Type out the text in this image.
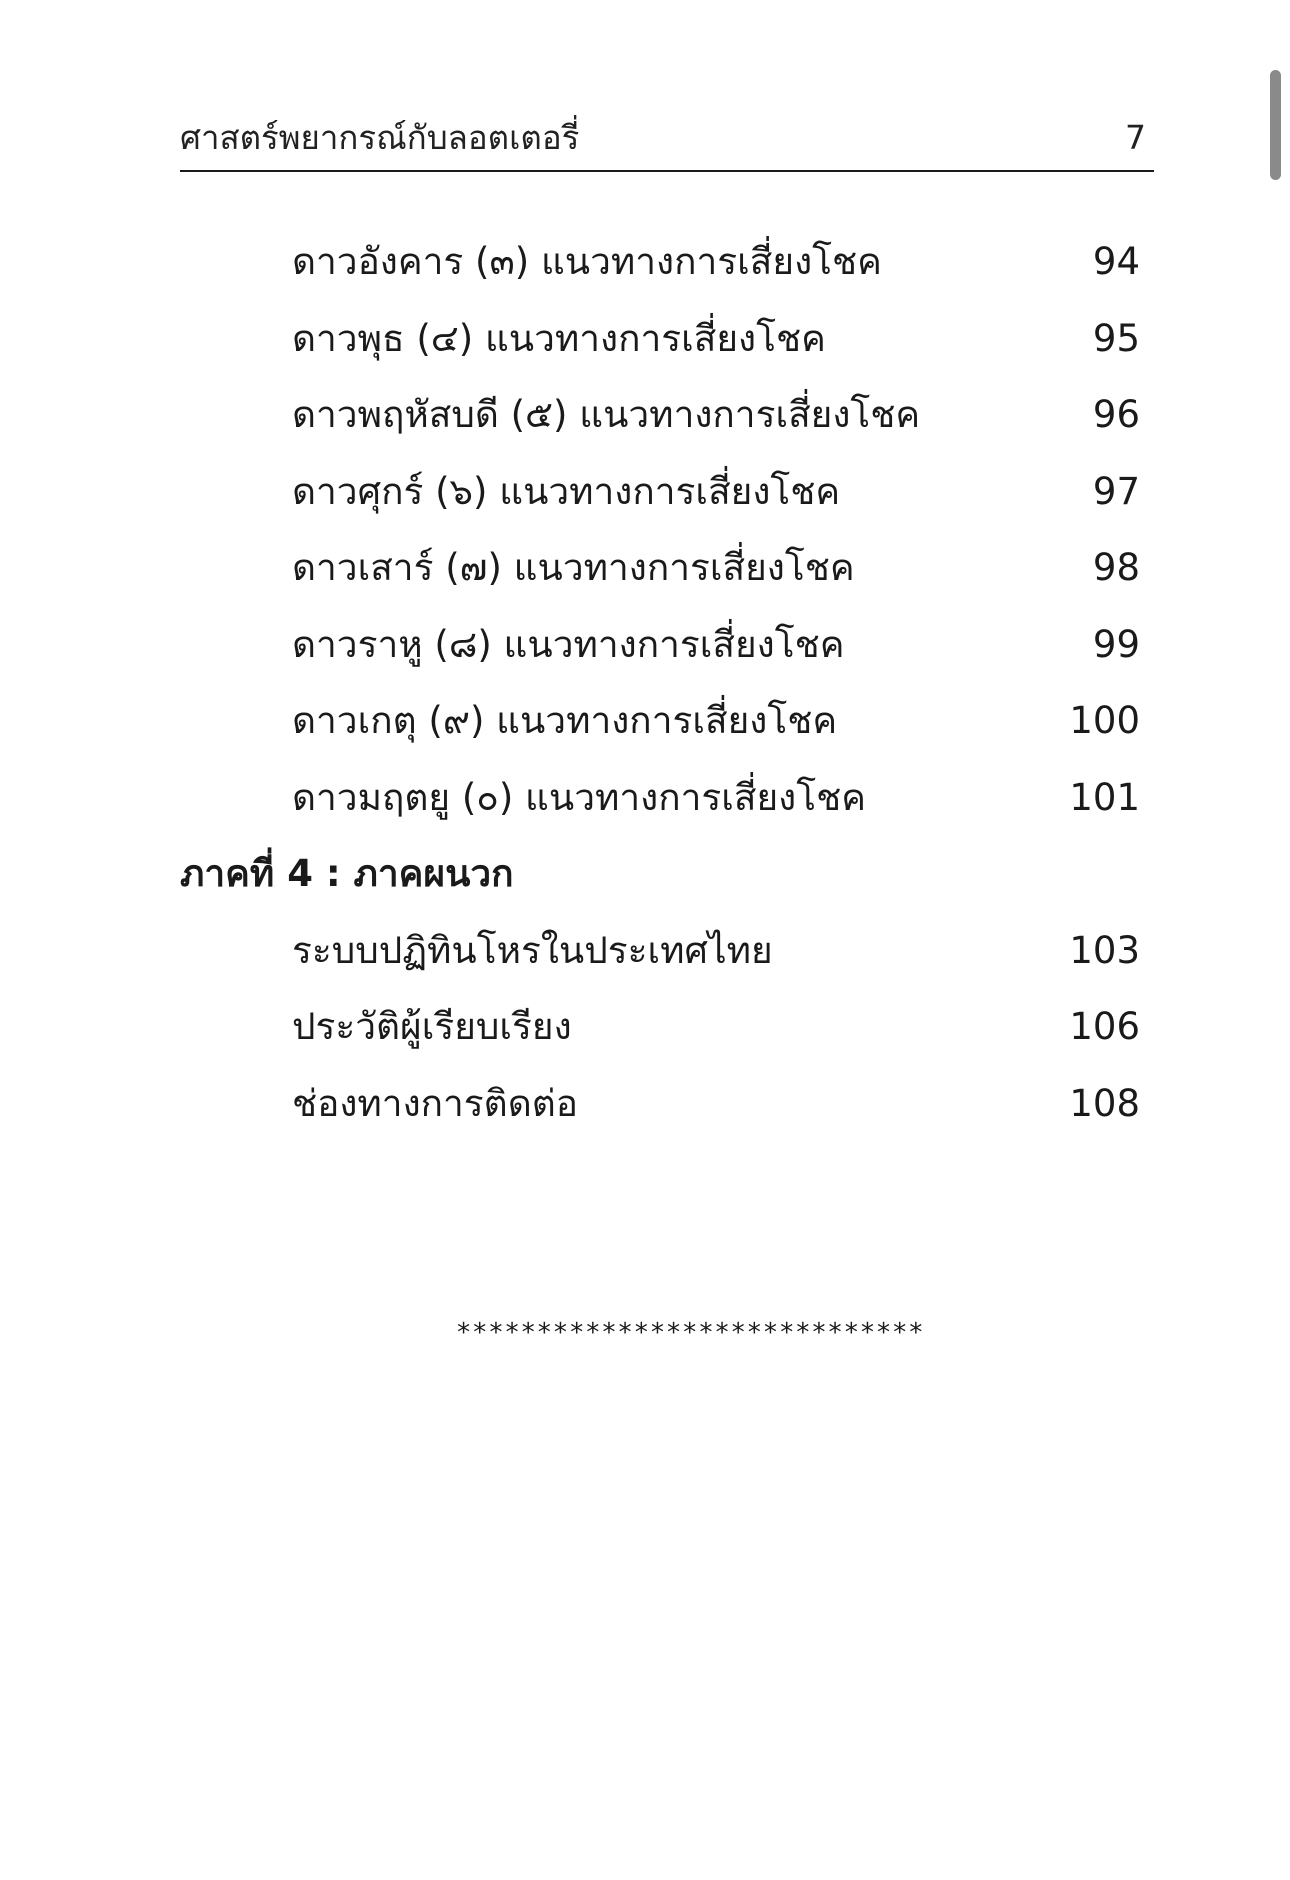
ศาสตร์พยากรณ์กับลอตเตอรี่	7
ดาวอังคาร (๓) แนวทางการเสี่ยงโชค	94
ดาวพุธ (๔) แนวทางการเสี่ยงโชค	95
ดาวพฤหัสบดี (๕) แนวทางการเสี่ยงโชค	96
ดาวศุกร์ (๖) แนวทางการเสี่ยงโชค	97
ดาวเสาร์ (๗) แนวทางการเสี่ยงโชค	98
ดาวราหู (๘) แนวทางการเสี่ยงโชค	99
ดาวเกตุ (๙) แนวทางการเสี่ยงโชค	100
ดาวมฤตยู (๐) แนวทางการเสี่ยงโชค	101
ภาคที่ 4 : ภาคผนวก
ระบบปฏิทินโหรในประเทศไทย	103
ประวัติผู้เรียบเรียง	106
ช่องทางการติดต่อ	108
*****************************
